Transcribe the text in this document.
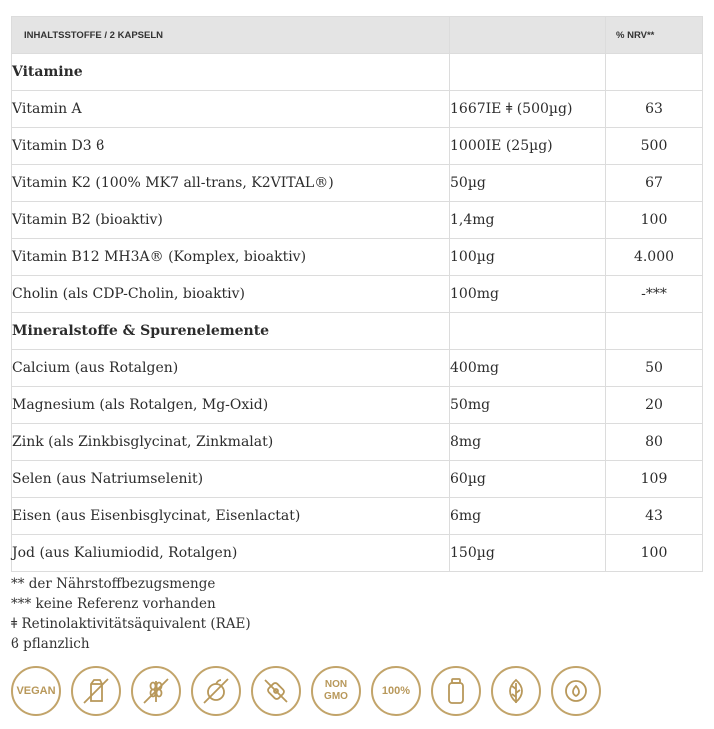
INHALTSSTOFFE / 2 KAPSELN		% NRV**
Vitamine		
Vitamin A	1667IE ǂ (500µg)	63
Vitamin D3 ϐ	1000IE (25µg)	500
Vitamin K2 (100% MK7 all-trans, K2VITAL®)	50µg	67
Vitamin B2 (bioaktiv)	1,4mg	100
Vitamin B12 MH3A® (Komplex, bioaktiv)	100µg	4.000
Cholin (als CDP-Cholin, bioaktiv)	100mg	-***
Mineralstoffe & Spurenelemente		
Calcium (aus Rotalgen)	400mg	50
Magnesium (als Rotalgen, Mg-Oxid)	50mg	20
Zink (als Zinkbisglycinat, Zinkmalat)	8mg	80
Selen (aus Natriumselenit)	60µg	109
Eisen (aus Eisenbisglycinat, Eisenlactat)	6mg	43
Jod (aus Kaliumiodid, Rotalgen)	150µg	100
** der Nährstoffbezugsmenge
*** keine Referenz vorhanden
ǂ Retinolaktivitätsäquivalent (RAE)
ϐ pflanzlich
VEGAN
NON
GMO	100%
